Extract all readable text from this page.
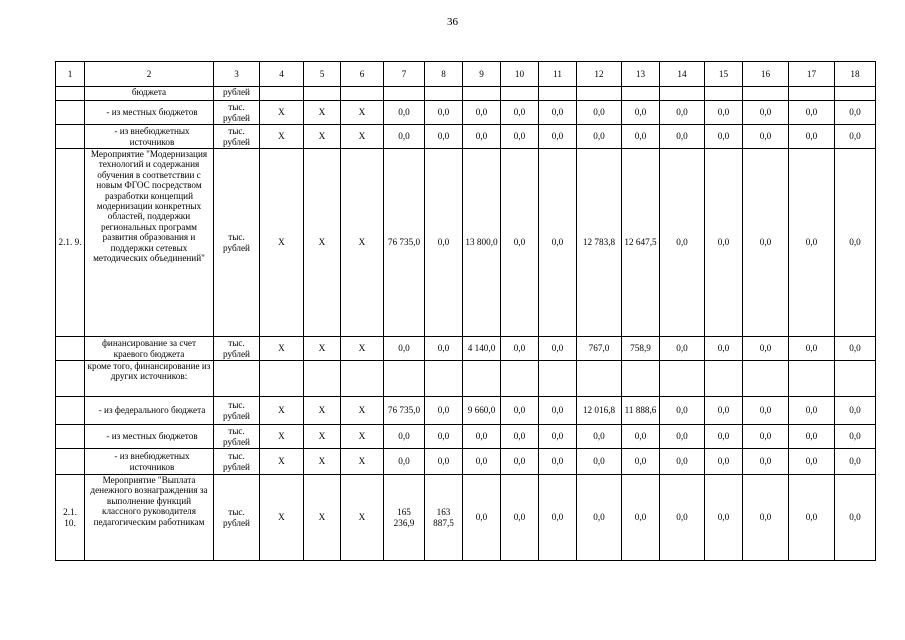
36
1	2	3	4	5	6	7	8	9	10	11	12	13	14	15	16	17	18
	бюджета	рублей															
	- из местных бюджетов	тыс. рублей	Х	Х	Х	0,0	0,0	0,0	0,0	0,0	0,0	0,0	0,0	0,0	0,0	0,0	0,0
	- из внебюджетных источников	тыс. рублей	Х	Х	Х	0,0	0,0	0,0	0,0	0,0	0,0	0,0	0,0	0,0	0,0	0,0	0,0
2.1. 9.	Мероприятие "Модернизация технологий и содержания обучения в соответствии с новым ФГОС посредством разработки концепций модернизации конкретных областей, поддержки региональных программ развития образования и поддержки сетевых методических объединений"	тыс. рублей	Х	Х	Х	76 735,0	0,0	13 800,0	0,0	0,0	12 783,8	12 647,5	0,0	0,0	0,0	0,0	0,0
	финансирование за счет краевого бюджета	тыс. рублей	Х	Х	Х	0,0	0,0	4 140,0	0,0	0,0	767,0	758,9	0,0	0,0	0,0	0,0	0,0
	кроме того, финансирование из других источников:																
	- из федерального бюджета	тыс. рублей	Х	Х	Х	76 735,0	0,0	9 660,0	0,0	0,0	12 016,8	11 888,6	0,0	0,0	0,0	0,0	0,0
	- из местных бюджетов	тыс. рублей	Х	Х	Х	0,0	0,0	0,0	0,0	0,0	0,0	0,0	0,0	0,0	0,0	0,0	0,0
	- из внебюджетных источников	тыс. рублей	Х	Х	Х	0,0	0,0	0,0	0,0	0,0	0,0	0,0	0,0	0,0	0,0	0,0	0,0
2.1. 10.	Мероприятие "Выплата денежного вознаграждения за выполнение функций классного руководителя педагогическим работникам	тыс. рублей	Х	Х	Х	165 236,9	163 887,5	0,0	0,0	0,0	0,0	0,0	0,0	0,0	0,0	0,0	0,0
